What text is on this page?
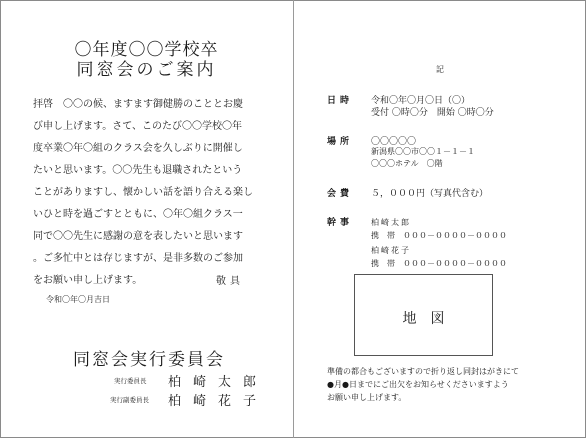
〇年度〇〇学校卒
同窓会のご案内
拝啓　〇〇の候、ますます御健勝のこととお慶
び申し上げます。さて、このたび〇〇学校〇年
度卒業〇年〇組のクラス会を久しぶりに開催し
たいと思います。〇〇先生も退職されたという
ことがありますし、懐かしい話を語り合える楽し
いひと時を過ごすとともに、〇年〇組クラス一
同で〇〇先生に感謝の意を表したいと思います
。ご多忙中とは存じますが、是非多数のご参加
をお願い申し上げます。	敬具
令和〇年〇月吉日
同窓会実行委員会
実行委員長 柏崎太郎
実行副委員長 柏崎花子
記
日時 令和〇年〇月〇日（〇）
受付 〇時〇分　開始 〇時〇分
場所 〇〇〇〇〇
新潟県〇〇市〇〇１－１－１
〇〇〇ホテル　〇階
会費 ５，０００円（写真代含む）
幹事 柏崎太郎
携　帯　０００－００００－００００
柏崎花子
携　帯　０００－００００－００００
地図
準備の都合もございますので折り返し同封はがきにて
●月●日までにご出欠をお知らせくださいますよう
お願い申し上げます。
